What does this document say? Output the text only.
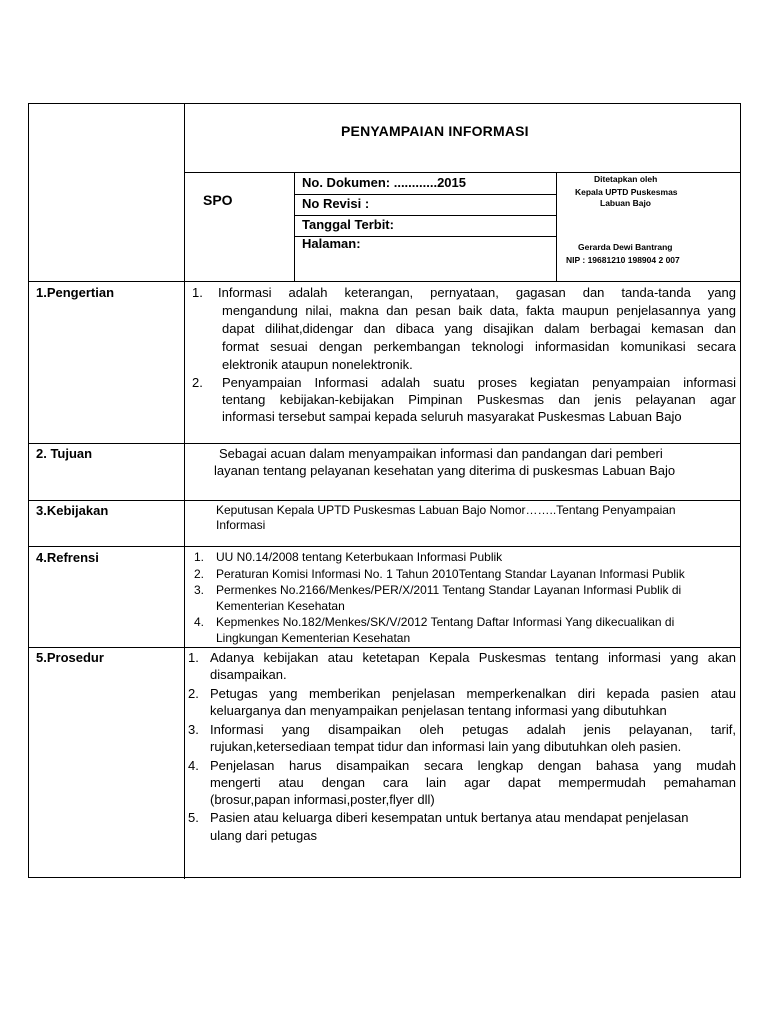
PENYAMPAIAN INFORMASI
SPO
No. Dokumen: ............2015
No Revisi :
Tanggal Terbit:
Halaman:
Ditetapkan oleh
Kepala UPTD Puskesmas
Labuan Bajo
Gerarda Dewi Bantrang
NIP : 19681210 198904 2 007
1.Pengertian	1. Informasi adalah keterangan, pernyataan, gagasan dan tanda-tanda yang
mengandung nilai, makna dan pesan baik data, fakta maupun penjelasannya yang
dapat dilihat,didengar dan dibaca yang disajikan dalam berbagai kemasan dan
format sesuai dengan perkembangan teknologi informasidan komunikasi secara
elektronik ataupun nonelektronik.
2. Penyampaian Informasi adalah suatu proses kegiatan penyampaian informasi
tentang kebijakan-kebijakan Pimpinan Puskesmas dan jenis pelayanan agar
informasi tersebut sampai kepada seluruh masyarakat Puskesmas Labuan Bajo
2. Tujuan	Sebagai acuan dalam menyampaikan informasi dan pandangan dari pemberi
layanan tentang pelayanan kesehatan yang diterima di puskesmas Labuan Bajo
3.Kebijakan	Keputusan Kepala UPTD Puskesmas Labuan Bajo Nomor……..Tentang Penyampaian
Informasi
4.Refrensi	1. UU N0.14/2008 tentang Keterbukaan Informasi Publik
2. Peraturan Komisi Informasi No. 1 Tahun 2010Tentang Standar Layanan Informasi Publik
3. Permenkes No.2166/Menkes/PER/X/2011 Tentang Standar Layanan Informasi Publik di
Kementerian Kesehatan
4. Kepmenkes No.182/Menkes/SK/V/2012 Tentang Daftar Informasi Yang dikecualikan di
Lingkungan Kementerian Kesehatan
5.Prosedur	1. Adanya kebijakan atau ketetapan Kepala Puskesmas tentang informasi yang akan
disampaikan.
2. Petugas yang memberikan penjelasan memperkenalkan diri kepada pasien atau
keluarganya dan menyampaikan penjelasan tentang informasi yang dibutuhkan
3. Informasi yang disampaikan oleh petugas adalah jenis pelayanan, tarif,
rujukan,ketersediaan tempat tidur dan informasi lain yang dibutuhkan oleh pasien.
4. Penjelasan harus disampaikan secara lengkap dengan bahasa yang mudah
mengerti atau dengan cara lain agar dapat mempermudah pemahaman
(brosur,papan informasi,poster,flyer dll)
5. Pasien atau keluarga diberi kesempatan untuk bertanya atau mendapat penjelasan
ulang dari petugas
